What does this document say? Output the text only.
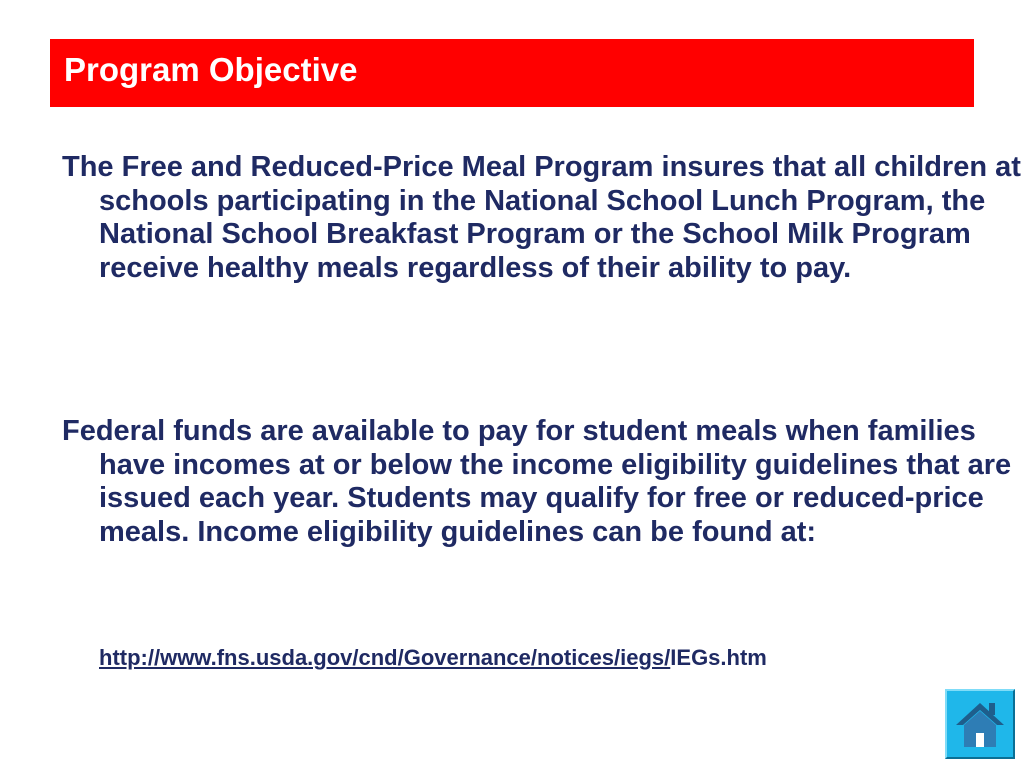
Program Objective

The Free and Reduced-Price Meal Program insures that all children at schools participating in the National School Lunch Program, the National School Breakfast Program or the School Milk Program receive healthy meals regardless of their ability to pay.

Federal funds are available to pay for student meals when families have incomes at or below the income eligibility guidelines that are issued each year. Students may qualify for free or reduced-price meals. Income eligibility guidelines can be found at:

http://www.fns.usda.gov/cnd/Governance/notices/iegs/IEGs.htm
